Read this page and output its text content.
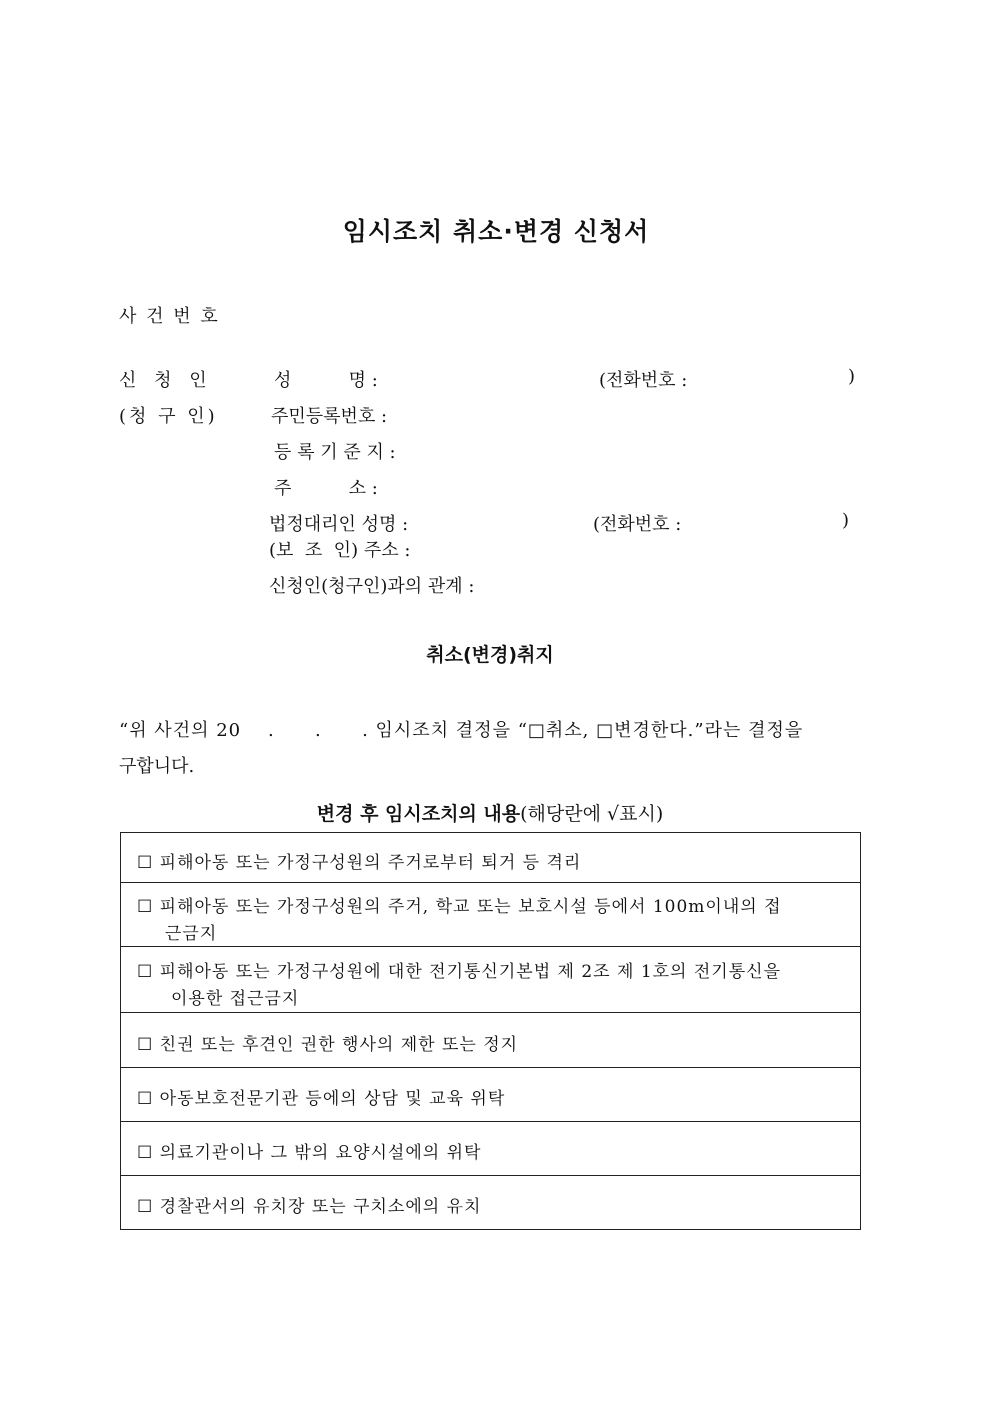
임시조치 취소·변경 신청서
사 건 번 호
신 청 인
(청 구 인)
성          명 :	(전화번호 :	)
주민등록번호 :
등 록 기 준 지 :
주          소 :
법정대리인 성명 :	(전화번호 :	)
(보  조  인) 주소 :
신청인(청구인)과의 관계 :
취소(변경)취지
“위 사건의 20    .      .      . 임시조치 결정을 “□취소, □변경한다.”라는 결정을
구합니다.
변경 후 임시조치의 내용(해당란에 √표시)
☐ 피해아동 또는 가정구성원의 주거로부터 퇴거 등 격리
☐ 피해아동 또는 가정구성원의 주거, 학교 또는 보호시설 등에서 100m이내의 접
근금지
☐ 피해아동 또는 가정구성원에 대한 전기통신기본법 제 2조 제 1호의 전기통신을
이용한 접근금지
☐ 친권 또는 후견인 권한 행사의 제한 또는 정지
☐ 아동보호전문기관 등에의 상담 및 교육 위탁
☐ 의료기관이나 그 밖의 요양시설에의 위탁
☐ 경찰관서의 유치장 또는 구치소에의 유치
